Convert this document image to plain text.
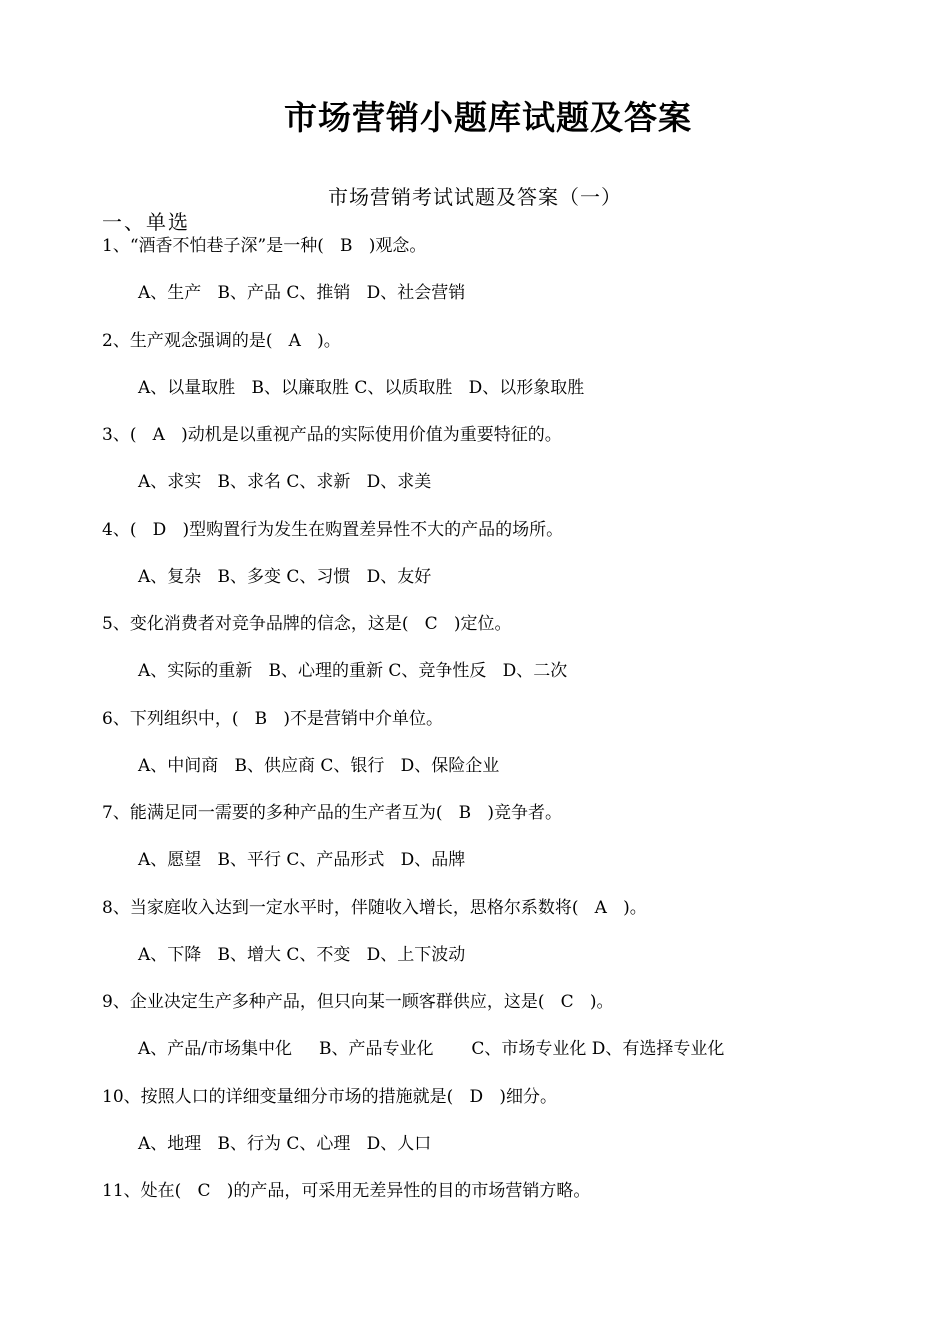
市场营销小题库试题及答案
市场营销考试试题及答案（一）
一、单选
1、“酒香不怕巷子深”是一种(   B   )观念。
A、生产   B、产品 C、推销   D、社会营销
2、生产观念强调的是(   A   )。
A、以量取胜   B、以廉取胜 C、以质取胜   D、以形象取胜
3、(   A   )动机是以重视产品的实际使用价值为重要特征的。
A、求实   B、求名 C、求新   D、求美
4、(   D   )型购置行为发生在购置差异性不大的产品的场所。
A、复杂   B、多变 C、习惯   D、友好
5、变化消费者对竞争品牌的信念，这是(   C   )定位。
A、实际的重新   B、心理的重新 C、竞争性反   D、二次
6、下列组织中，(   B   )不是营销中介单位。
A、中间商   B、供应商 C、银行   D、保险企业
7、能满足同一需要的多种产品的生产者互为(   B   )竞争者。
A、愿望   B、平行 C、产品形式   D、品牌
8、当家庭收入达到一定水平时，伴随收入增长，思格尔系数将(   A   )。
A、下降   B、增大 C、不变   D、上下波动
9、企业决定生产多种产品，但只向某一顾客群供应，这是(   C   )。
A、产品/市场集中化     B、产品专业化       C、市场专业化 D、有选择专业化
10、按照人口的详细变量细分市场的措施就是(   D   )细分。
A、地理   B、行为 C、心理   D、人口
11、处在(   C   )的产品，可采用无差异性的目的市场营销方略。
